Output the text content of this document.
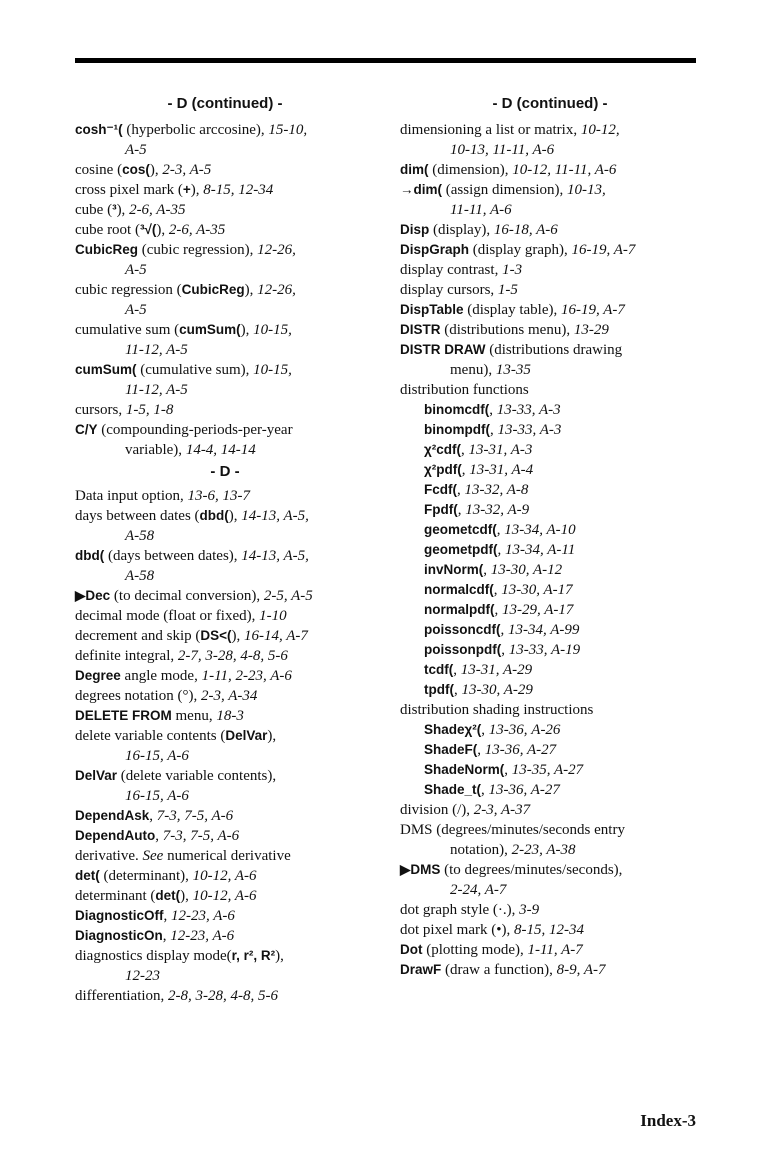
- D (continued) -
cosh⁻¹( (hyperbolic arccosine), 15-10,
A-5
cosine (cos(), 2-3, A-5
cross pixel mark (+), 8-15, 12-34
cube (³), 2-6, A-35
cube root (³√(), 2-6, A-35
CubicReg (cubic regression), 12-26,
A-5
cubic regression (CubicReg), 12-26,
A-5
cumulative sum (cumSum(), 10-15,
11-12, A-5
cumSum( (cumulative sum), 10-15,
11-12, A-5
cursors, 1-5, 1-8
C/Y (compounding-periods-per-year
variable), 14-4, 14-14
- D -
Data input option, 13-6, 13-7
days between dates (dbd(), 14-13, A-5,
A-58
dbd( (days between dates), 14-13, A-5,
A-58
▶Dec (to decimal conversion), 2-5, A-5
decimal mode (float or fixed), 1-10
decrement and skip (DS<(), 16-14, A-7
definite integral, 2-7, 3-28, 4-8, 5-6
Degree angle mode, 1-11, 2-23, A-6
degrees notation (°), 2-3, A-34
DELETE FROM menu, 18-3
delete variable contents (DelVar),
16-15, A-6
DelVar (delete variable contents),
16-15, A-6
DependAsk, 7-3, 7-5, A-6
DependAuto, 7-3, 7-5, A-6
derivative. See numerical derivative
det( (determinant), 10-12, A-6
determinant (det(), 10-12, A-6
DiagnosticOff, 12-23, A-6
DiagnosticOn, 12-23, A-6
diagnostics display mode(r, r², R²),
12-23
differentiation, 2-8, 3-28, 4-8, 5-6
- D (continued) -
dimensioning a list or matrix, 10-12,
10-13, 11-11, A-6
dim( (dimension), 10-12, 11-11, A-6
→dim( (assign dimension), 10-13,
11-11, A-6
Disp (display), 16-18, A-6
DispGraph (display graph), 16-19, A-7
display contrast, 1-3
display cursors, 1-5
DispTable (display table), 16-19, A-7
DISTR (distributions menu), 13-29
DISTR DRAW (distributions drawing
menu), 13-35
distribution functions
binomcdf(, 13-33, A-3
binompdf(, 13-33, A-3
χ²cdf(, 13-31, A-3
χ²pdf(, 13-31, A-4
Fcdf(, 13-32, A-8
Fpdf(, 13-32, A-9
geometcdf(, 13-34, A-10
geometpdf(, 13-34, A-11
invNorm(, 13-30, A-12
normalcdf(, 13-30, A-17
normalpdf(, 13-29, A-17
poissoncdf(, 13-34, A-99
poissonpdf(, 13-33, A-19
tcdf(, 13-31, A-29
tpdf(, 13-30, A-29
distribution shading instructions
Shadeχ²(, 13-36, A-26
ShadeF(, 13-36, A-27
ShadeNorm(, 13-35, A-27
Shade_t(, 13-36, A-27
division (/), 2-3, A-37
DMS (degrees/minutes/seconds entry
notation), 2-23, A-38
▶DMS (to degrees/minutes/seconds),
2-24, A-7
dot graph style (·.), 3-9
dot pixel mark (•), 8-15, 12-34
Dot (plotting mode), 1-11, A-7
DrawF (draw a function), 8-9, A-7
Index-3
